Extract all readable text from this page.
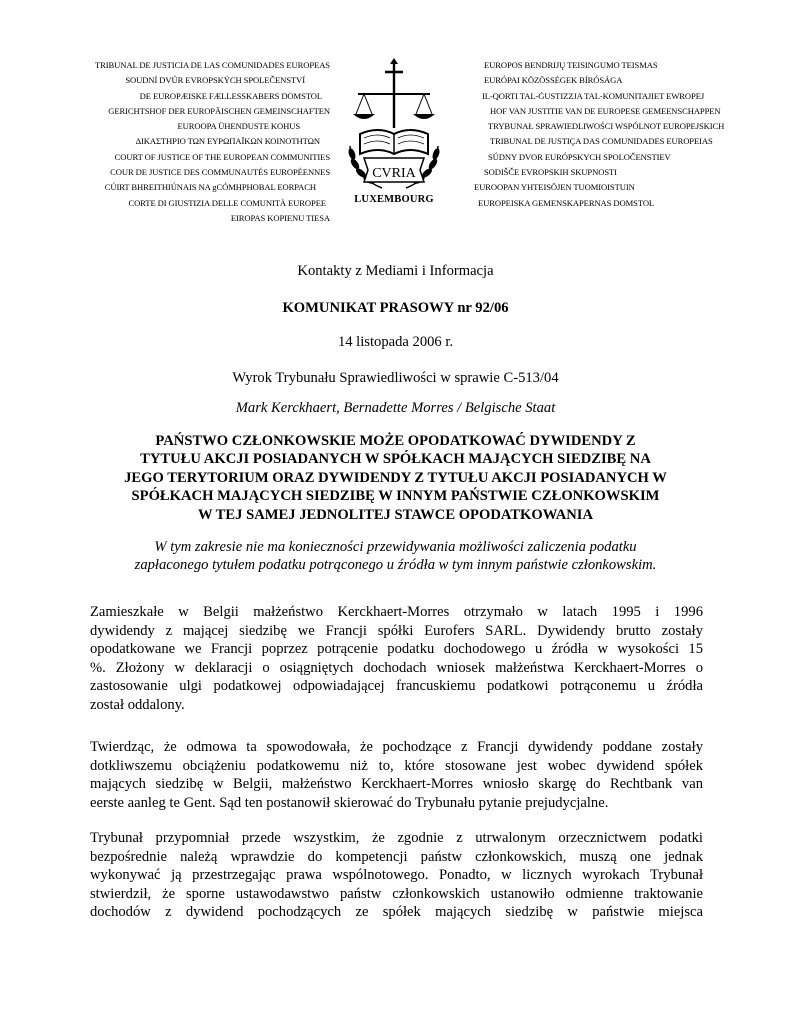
TRIBUNAL DE JUSTICIA DE LAS COMUNIDADES EUROPEAS
SOUDNÍ DVŮR EVROPSKÝCH SPOLEČENSTVÍ
DE EUROPÆISKE FÆLLESSKABERS DOMSTOL
GERICHTSHOF DER EUROPÄISCHEN GEMEINSCHAFTEN
EUROOPA ÜHENDUSTE KOHUS
ΔΙΚΑΣΤΗΡΙΟ ΤΩΝ ΕΥΡΩΠΑΪΚΩΝ ΚΟΙΝΟΤΗΤΩΝ
COURT OF JUSTICE OF THE EUROPEAN COMMUNITIES
COUR DE JUSTICE DES COMMUNAUTÉS EUROPÉENNES
CÚIRT BHREITHIÚNAIS NA gCÓMHPHOBAL EORPACH
CORTE DI GIUSTIZIA DELLE COMUNITÀ EUROPEE
EIROPAS KOPIENU TIESA
CVRIA
LUXEMBOURG
EUROPOS BENDRIJŲ TEISINGUMO TEISMAS
EURÓPAI KÖZÖSSÉGEK BÍRÓSÁGA
IL-QORTI TAL-ĠUSTIZZJA TAL-KOMUNITAJIET EWROPEJ
HOF VAN JUSTITIE VAN DE EUROPESE GEMEENSCHAPPEN
TRYBUNAŁ SPRAWIEDLIWOŚCI WSPÓLNOT EUROPEJSKICH
TRIBUNAL DE JUSTIÇA DAS COMUNIDADES EUROPEIAS
SÚDNY DVOR EURÓPSKYCH SPOLOČENSTIEV
SODIŠČE EVROPSKIH SKUPNOSTI
EUROOPAN YHTEISÖJEN TUOMIOISTUIN
EUROPEISKA GEMENSKAPERNAS DOMSTOL
Kontakty z Mediami i Informacja
KOMUNIKAT PRASOWY nr 92/06
14 listopada 2006 r.
Wyrok Trybunału Sprawiedliwości w sprawie C-513/04
Mark Kerckhaert, Bernadette Morres / Belgische Staat
PAŃSTWO CZŁONKOWSKIE MOŻE OPODATKOWAĆ DYWIDENDY Z
TYTUŁU AKCJI POSIADANYCH W SPÓŁKACH MAJĄCYCH SIEDZIBĘ NA
JEGO TERYTORIUM ORAZ DYWIDENDY Z TYTUŁU AKCJI POSIADANYCH W
SPÓŁKACH MAJĄCYCH SIEDZIBĘ W INNYM PAŃSTWIE CZŁONKOWSKIM
W TEJ SAMEJ JEDNOLITEJ STAWCE OPODATKOWANIA
W tym zakresie nie ma konieczności przewidywania możliwości zaliczenia podatku
zapłaconego tytułem podatku potrąconego u źródła w tym innym państwie członkowskim.
Zamieszkałe w Belgii małżeństwo Kerckhaert-Morres otrzymało w latach 1995 i 1996
dywidendy z mającej siedzibę we Francji spółki Eurofers SARL. Dywidendy brutto zostały
opodatkowane we Francji poprzez potrącenie podatku dochodowego u źródła w wysokości 15
%. Złożony w deklaracji o osiągniętych dochodach wniosek małżeństwa Kerckhaert-Morres o
zastosowanie ulgi podatkowej odpowiadającej francuskiemu podatkowi potrąconemu u źródła
został oddalony.
Twierdząc, że odmowa ta spowodowała, że pochodzące z Francji dywidendy poddane zostały
dotkliwszemu obciążeniu podatkowemu niż to, które stosowane jest wobec dywidend spółek
mających siedzibę w Belgii, małżeństwo Kerckhaert-Morres wniosło skargę do Rechtbank van
eerste aanleg te Gent. Sąd ten postanowił skierować do Trybunału pytanie prejudycjalne.
Trybunał przypomniał przede wszystkim, że zgodnie z utrwalonym orzecznictwem podatki
bezpośrednie należą wprawdzie do kompetencji państw członkowskich, muszą one jednak
wykonywać ją przestrzegając prawa wspólnotowego. Ponadto, w licznych wyrokach Trybunał
stwierdził, że sporne ustawodawstwo państw członkowskich ustanowiło odmienne traktowanie
dochodów z dywidend pochodzących ze spółek mających siedzibę w państwie miejsca
